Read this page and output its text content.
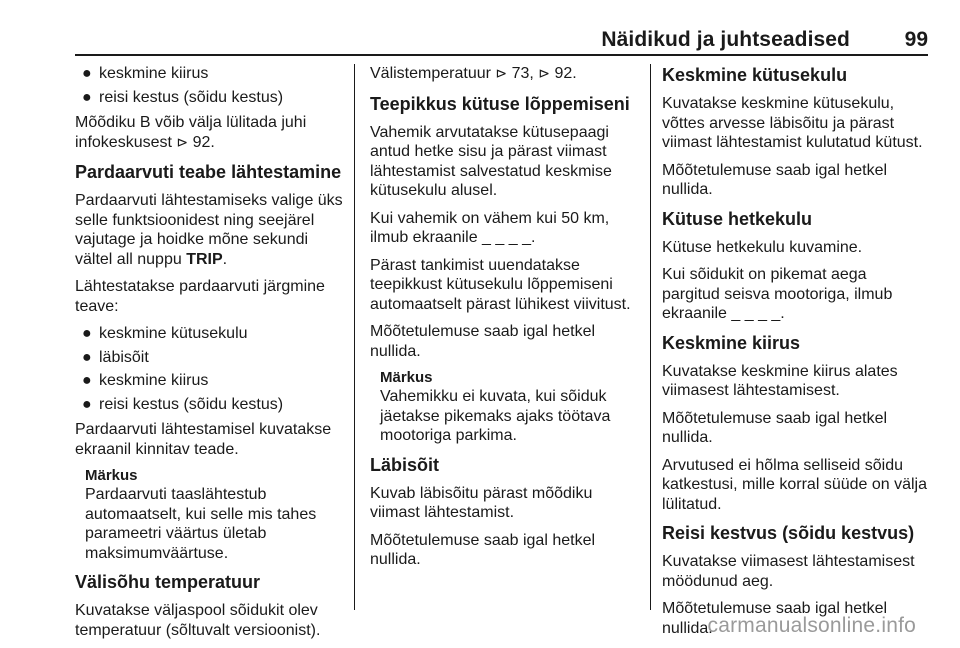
Näidikud ja juhtseadised	99
● keskmine kiirus
● reisi kestus (sõidu kestus)

Mõõdiku B võib välja lülitada juhi infokeskusest ⊳ 92.

Pardaarvuti teabe lähtestamine

Pardaarvuti lähtestamiseks valige üks selle funktsioonidest ning seejärel vajutage ja hoidke mõne sekundi vältel all nuppu TRIP.

Lähtestatakse pardaarvuti järgmine teave:

● keskmine kütusekulu
● läbisõit
● keskmine kiirus
● reisi kestus (sõidu kestus)

Pardaarvuti lähtestamisel kuvatakse ekraanil kinnitav teade.

Märkus
Pardaarvuti taaslähtestub automaatselt, kui selle mis tahes parameetri väärtus ületab maksimumväärtuse.
Välisõhu temperatuur

Kuvatakse väljaspool sõidukit olev temperatuur (sõltuvalt versioonist).

Välistemperatuur ⊳ 73, ⊳ 92.

Teepikkus kütuse lõppemiseni

Vahemik arvutatakse kütusepaagi antud hetke sisu ja pärast viimast lähtestamist salvestatud keskmise kütusekulu alusel.

Kui vahemik on vähem kui 50 km, ilmub ekraanile _ _ _ _.

Pärast tankimist uuendatakse teepikkust kütusekulu lõppemiseni automaatselt pärast lühikest viivitust.

Mõõtetulemuse saab igal hetkel nullida.

Märkus
Vahemikku ei kuvata, kui sõiduk jäetakse pikemaks ajaks töötava mootoriga parkima.
Läbisõit

Kuvab läbisõitu pärast mõõdiku viimast lähtestamist.

Mõõtetulemuse saab igal hetkel nullida.

Keskmine kütusekulu

Kuvatakse keskmine kütusekulu, võttes arvesse läbisõitu ja pärast viimast lähtestamist kulutatud kütust.

Mõõtetulemuse saab igal hetkel nullida.

Kütuse hetkekulu

Kütuse hetkekulu kuvamine.

Kui sõidukit on pikemat aega pargitud seisva mootoriga, ilmub ekraanile _ _ _ _.

Keskmine kiirus

Kuvatakse keskmine kiirus alates viimasest lähtestamisest.

Mõõtetulemuse saab igal hetkel nullida.

Arvutused ei hõlma selliseid sõidu katkestusi, mille korral süüde on välja lülitatud.

Reisi kestvus (sõidu kestvus)

Kuvatakse viimasest lähtestamisest möödunud aeg.

Mõõtetulemuse saab igal hetkel nullida.

carmanualsonline.info
